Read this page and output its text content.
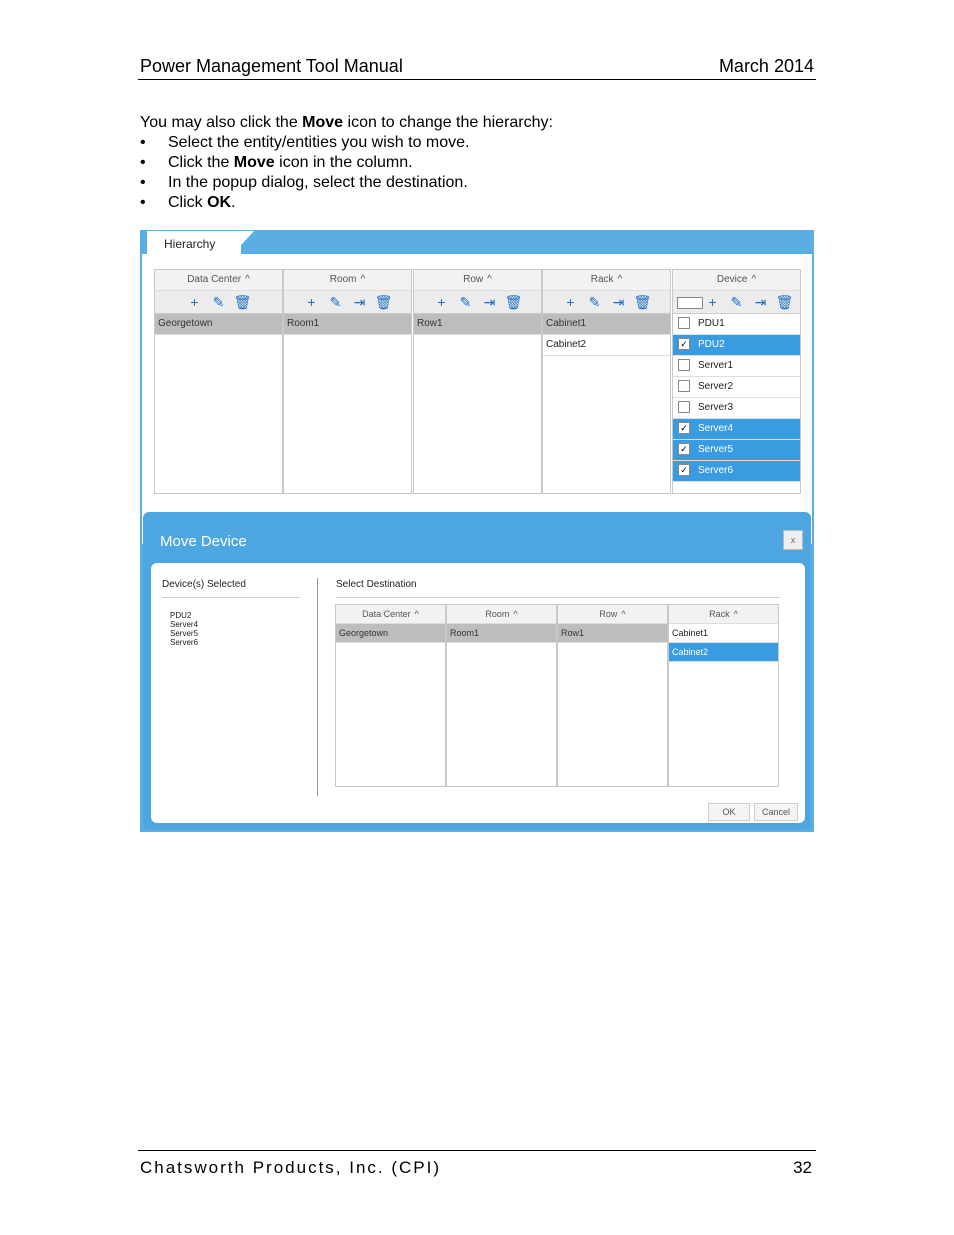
Power Management Tool Manual	March 2014
You may also click the Move icon to change the hierarchy:
• Select the entity/entities you wish to move.
• Click the Move icon in the column.
• In the popup dialog, select the destination.
• Click OK.
Hierarchy
Data Center ^
+ ✎ 🗑
Georgetown
Room ^
+ ✎ ⇥ 🗑
Room1
Row ^
+ ✎ ⇥ 🗑
Row1
Rack ^
+ ✎ ⇥ 🗑
Cabinet1
Cabinet2
Device ^
+ ✎ ⇥ 🗑
PDU1
✓ PDU2
Server1
Server2
Server3
✓ Server4
✓ Server5
✓ Server6
Move Device	x
Device(s) Selected
PDU2
Server4
Server5
Server6
Select Destination
Data Center ^
Georgetown
Room ^
Room1
Row ^
Row1
Rack ^
Cabinet1
Cabinet2
OK	Cancel
Chatsworth Products, Inc. (CPI)	32
